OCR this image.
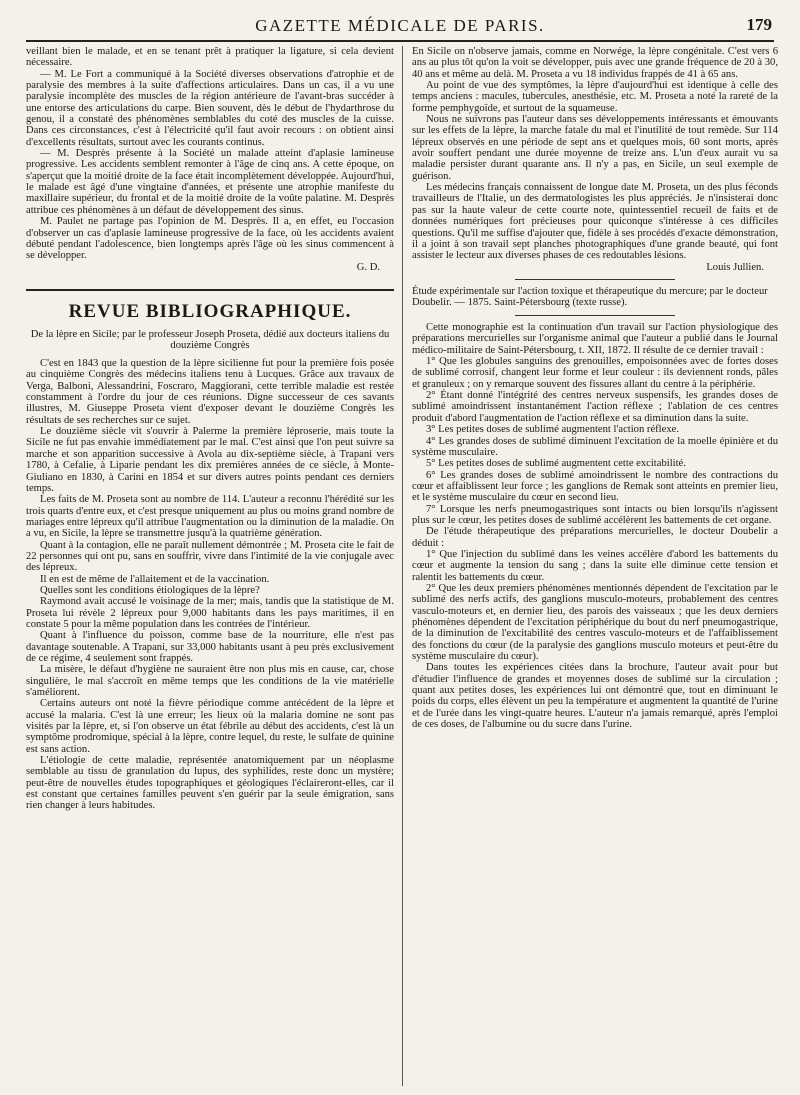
GAZETTE MÉDICALE DE PARIS.	179

veillant bien le malade, et en se tenant prêt à pratiquer la ligature, si cela devient nécessaire.

— M. Le Fort a communiqué à la Société diverses observations d'atrophie et de paralysie des membres à la suite d'affections articulaires. Dans un cas, il a vu une paralysie incomplète des muscles de la région antérieure de l'avant-bras succéder à une entorse des articulations du carpe. Bien souvent, dès le début de l'hydarthrose du genou, il a constaté des phénomènes semblables du coté des muscles de la cuisse. Dans ces circonstances, c'est à l'électricité qu'il faut avoir recours : on obtient ainsi d'excellents résultats, surtout avec les courants continus.

— M. Desprès présente à la Société un malade atteint d'aplasie lamineuse progressive. Les accidents semblent remonter à l'âge de cinq ans. A cette époque, on s'aperçut que la moitié droite de la face était incomplètement développée. Aujourd'hui, le malade est âgé d'une vingtaine d'années, et présente une atrophie manifeste du maxillaire supérieur, du frontal et de la moitié droite de la voûte palatine. M. Desprès attribue ces phénomènes à un défaut de développement des sinus.

M. Paulet ne partage pas l'opinion de M. Desprès. Il a, en effet, eu l'occasion d'observer un cas d'aplasie lamineuse progressive de la face, où les accidents avaient débuté pendant l'adolescence, bien longtemps après l'âge où les sinus commencent à se développer.

G. D.

REVUE BIBLIOGRAPHIQUE.
De la lèpre en Sicile; par le professeur Joseph Proseta, dédié aux docteurs italiens du douzième Congrès

C'est en 1843 que la question de la lèpre sicilienne fut pour la première fois posée au cinquième Congrès des médecins italiens tenu à Lucques. Grâce aux travaux de Verga, Balboni, Alessandrini, Foscraro, Maggiorani, cette terrible maladie est restée constamment à l'ordre du jour de ces réunions. Digne successeur de ces savants illustres, M. Giuseppe Proseta vient d'exposer devant le douzième Congrès les résultats de ses recherches sur ce sujet.

Le douzième siècle vit s'ouvrir à Palerme la première léproserie, mais toute la Sicile ne fut pas envahie immédiatement par le mal. C'est ainsi que l'on peut suivre sa marche et son apparition successive à Avola au dix-septième siècle, à Trapani vers 1780, à Cefalie, à Liparie pendant les dix premières années de ce siècle, à Monte-Giuliano en 1830, à Carini en 1854 et sur divers autres points pendant ces derniers temps.

Les faits de M. Proseta sont au nombre de 114. L'auteur a reconnu l'hérédité sur les trois quarts d'entre eux, et c'est presque uniquement au plus ou moins grand nombre de mariages entre lépreux qu'il attribue l'augmentation ou la diminution de la maladie. On a vu, en Sicile, la lèpre se transmettre jusqu'à la quatrième génération.

Quant à la contagion, elle ne paraît nullement démontrée ; M. Proseta cite le fait de 22 personnes qui ont pu, sans en souffrir, vivre dans l'intimité de la vie conjugale avec des lépreux.

Il en est de même de l'allaitement et de la vaccination.

Quelles sont les conditions étiologiques de la lèpre?

Raymond avait accusé le voisinage de la mer; mais, tandis que la statistique de M. Proseta lui révèle 2 lépreux pour 9,000 habitants dans les pays maritimes, il en constate 5 pour la même population dans les contrées de l'intérieur.

Quant à l'influence du poisson, comme base de la nourriture, elle n'est pas davantage soutenable. A Trapani, sur 33,000 habitants usant à peu près exclusivement de ce régime, 4 seulement sont frappés.

La misère, le défaut d'hygiène ne sauraient être non plus mis en cause, car, chose singulière, le mal s'accroît en même temps que les conditions de la vie matérielle s'améliorent.

Certains auteurs ont noté la fièvre périodique comme antécédent de la lèpre et accusé la malaria. C'est là une erreur; les lieux où la malaria domine ne sont pas visités par la lèpre, et, si l'on observe un état fébrile au début des accidents, c'est là un symptôme prodromique, spécial à la lèpre, contre lequel, du reste, le sulfate de quinine est sans action.

L'étiologie de cette maladie, représentée anatomiquement par un néoplasme semblable au tissu de granulation du lupus, des syphilides, reste donc un mystère; peut-être de nouvelles études topographiques et géologiques l'éclaireront-elles, car il est constant que certaines familles peuvent s'en guérir par la seule émigration, sans rien changer à leurs habitudes.

En Sicile on n'observe jamais, comme en Norwége, la lèpre congénitale. C'est vers 6 ans au plus tôt qu'on la voit se développer, puis avec une grande fréquence de 20 à 30, 40 ans et même au delà. M. Proseta a vu 18 individus frappés de 41 à 65 ans.

Au point de vue des symptômes, la lèpre d'aujourd'hui est identique à celle des temps anciens : macules, tubercules, anesthésie, etc. M. Proseta a noté la rareté de la forme pemphygoïde, et surtout de la squameuse.

Nous ne suivrons pas l'auteur dans ses développements intéressants et émouvants sur les effets de la lèpre, la marche fatale du mal et l'inutilité de tout remède. Sur 114 lépreux observés en une période de sept ans et quelques mois, 60 sont morts, après avoir souffert pendant une durée moyenne de treize ans. L'un d'eux aurait vu sa maladie persister durant quarante ans. Il n'y a pas, en Sicile, un seul exemple de guérison.

Les médecins français connaissent de longue date M. Proseta, un des plus féconds travailleurs de l'Italie, un des dermatologistes les plus appréciés. Je n'insisterai donc pas sur la haute valeur de cette courte note, quintessentiel recueil de faits et de données numériques fort précieuses pour quiconque s'intéresse à ces difficiles questions. Qu'il me suffise d'ajouter que, fidèle à ses procédés d'exacte démonstration, il a joint à son travail sept planches photographiques d'une grande beauté, qui font assister le lecteur aux diverses phases de ces redoutables lésions.

Louis Jullien.

Étude expérimentale sur l'action toxique et thérapeutique du mercure; par le docteur Doubelir. — 1875. Saint-Pétersbourg (texte russe).

Cette monographie est la continuation d'un travail sur l'action physiologique des préparations mercurielles sur l'organisme animal que l'auteur a publié dans le Journal médico-militaire de Saint-Pétersbourg, t. XII, 1872. Il résulte de ce dernier travail :

1° Que les globules sanguins des grenouilles, empoisonnées avec de fortes doses de sublimé corrosif, changent leur forme et leur couleur : ils deviennent ronds, pâles et granuleux ; on y remarque souvent des fissures allant du centre à la périphérie.

2° Étant donné l'intégrité des centres nerveux suspensifs, les grandes doses de sublimé amoindrissent instantanément l'action réflexe ; l'ablation de ces centres produit d'abord l'augmentation de l'action réflexe et sa diminution dans la suite.

3° Les petites doses de sublimé augmentent l'action réflexe.

4° Les grandes doses de sublimé diminuent l'excitation de la moelle épinière et du système musculaire.

5° Les petites doses de sublimé augmentent cette excitabilité.

6° Les grandes doses de sublimé amoindrissent le nombre des contractions du cœur et affaiblissent leur force ; les ganglions de Remak sont atteints en premier lieu, et le système musculaire du cœur en second lieu.

7° Lorsque les nerfs pneumogastriques sont intacts ou bien lorsqu'ils n'agissent plus sur le cœur, les petites doses de sublimé accélèrent les battements de cet organe.

De l'étude thérapeutique des préparations mercurielles, le docteur Doubelir a déduit :

1° Que l'injection du sublimé dans les veines accélère d'abord les battements du cœur et augmente la tension du sang ; dans la suite elle diminue cette tension et ralentit les battements du cœur.

2° Que les deux premiers phénomènes mentionnés dépendent de l'excitation par le sublimé des nerfs actifs, des ganglions musculo-moteurs, probablement des centres vasculo-moteurs et, en dernier lieu, des parois des vaisseaux ; que les deux derniers phénomènes dépendent de l'excitation périphérique du bout du nerf pneumogastrique, de la diminution de l'excitabilité des centres vasculo-moteurs et de l'affaiblissement des fonctions du cœur (de la paralysie des ganglions musculo moteurs et peut-être du système musculaire du cœur).

Dans toutes les expériences citées dans la brochure, l'auteur avait pour but d'étudier l'influence de grandes et moyennes doses de sublimé sur la circulation ; quant aux petites doses, les expériences lui ont démontré que, tout en diminuant le poids du corps, elles élèvent un peu la température et augmentent la quantité de l'urine et de l'urée dans les vingt-quatre heures. L'auteur n'a jamais remarqué, après l'emploi de ces doses, de l'albumine ou du sucre dans l'urine.
